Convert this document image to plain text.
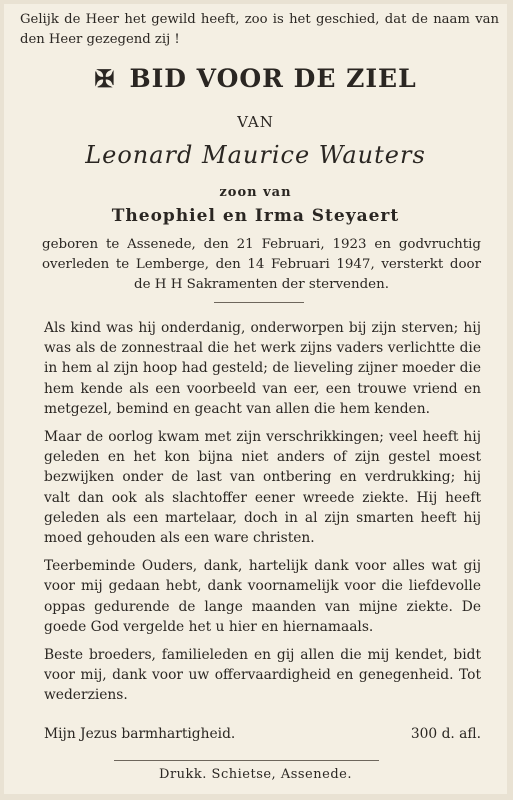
Gelijk de Heer het gewild heeft, zoo is het geschied, dat de naam van den Heer gezegend zij !
✠ BID VOOR DE ZIEL
VAN
Leonard Maurice Wauters
zoon van
Theophiel en Irma Steyaert
geboren te Assenede, den 21 Februari, 1923 en godvruchtig overleden te Lemberge, den 14 Februari 1947, versterkt door de H H Sakramenten der stervenden.

Als kind was hij onderdanig, onderworpen bij zijn sterven; hij was als de zonnestraal die het werk zijns vaders verlichtte die in hem al zijn hoop had gesteld; de lieveling zijner moeder die hem kende als een voorbeeld van eer, een trouwe vriend en metgezel, bemind en geacht van allen die hem kenden.

Maar de oorlog kwam met zijn verschrikkingen; veel heeft hij geleden en het kon bijna niet anders of zijn gestel moest bezwijken onder de last van ontbering en verdrukking; hij valt dan ook als slachtoffer eener wreede ziekte. Hij heeft geleden als een martelaar, doch in al zijn smarten heeft hij moed gehouden als een ware christen.

Teerbeminde Ouders, dank, hartelijk dank voor alles wat gij voor mij gedaan hebt, dank voornamelijk voor die liefdevolle oppas gedurende de lange maanden van mijne ziekte. De goede God vergelde het u hier en hiernamaals.

Beste broeders, familieleden en gij allen die mij kendet, bidt voor mij, dank voor uw offervaardigheid en genegenheid. Tot wederziens.

Mijn Jezus barmhartigheid.	300 d. afl.
Drukk. Schietse, Assenede.
